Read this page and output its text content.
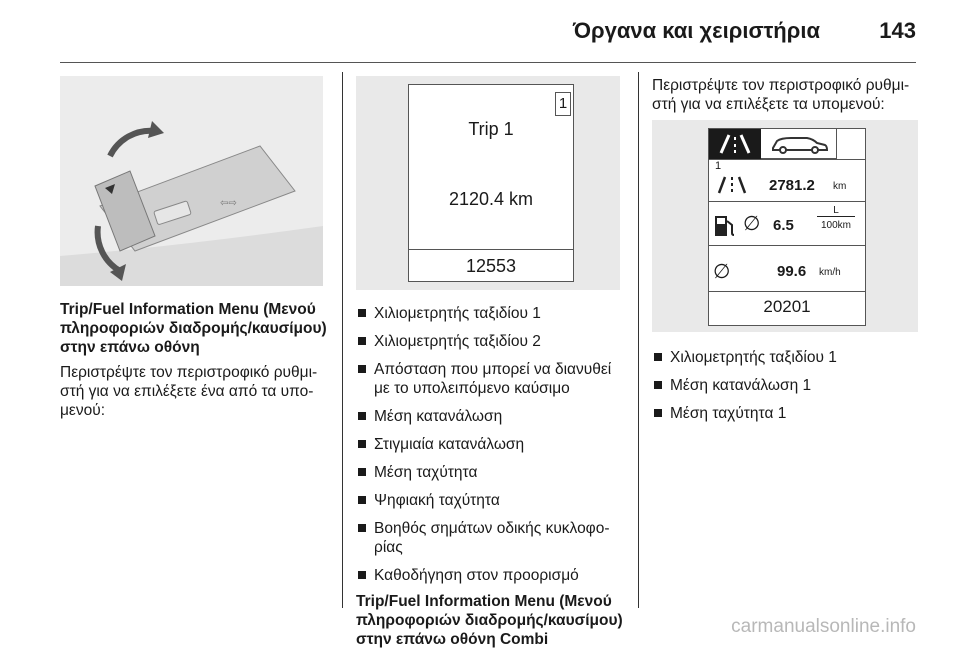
Όργανα και χειριστήρια	143
⇦⇨

Trip/Fuel Information Menu (Μενού πληροφοριών διαδρομής/καυσίμου) στην επάνω οθόνη

Περιστρέψτε τον περιστροφικό ρυθμιστή για να επιλέξετε ένα από τα υπομενού:

1
Trip 1
2120.4 km
12553
Χιλιομετρητής ταξιδίου 1
Χιλιομετρητής ταξιδίου 2
Απόσταση που μπορεί να διανυθεί με το υπολειπόμενο καύσιμο
Μέση κατανάλωση
Στιγμιαία κατανάλωση
Μέση ταχύτητα
Ψηφιακή ταχύτητα
Βοηθός σημάτων οδικής κυκλοφορίας
Καθοδήγηση στον προορισμό

Trip/Fuel Information Menu (Μενού πληροφοριών διαδρομής/καυσίμου) στην επάνω οθόνη Combi

Περιστρέψτε τον περιστροφικό ρυθμιστή για να επιλέξετε τα υπομενού:

1
2781.2 km
∅ 6.5
L
100km
∅	99.6 km/h
20201
Χιλιομετρητής ταξιδίου 1
Μέση κατανάλωση 1
Μέση ταχύτητα 1
carmanualsonline.info
